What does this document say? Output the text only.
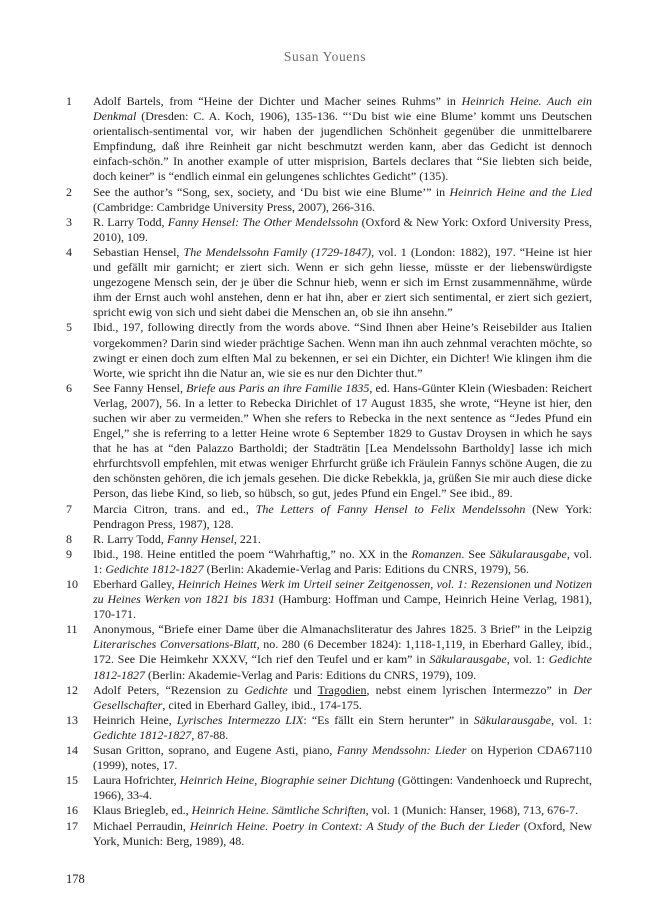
Susan Youens
1	Adolf Bartels, from “Heine der Dichter und Macher seines Ruhms” in Heinrich Heine. Auch ein Denkmal (Dresden: C. A. Koch, 1906), 135-136. “‘Du bist wie eine Blume’ kommt uns Deutschen orientalisch-sentimental vor, wir haben der jugendlichen Schönheit gegenüber die unmittelbarere Empfindung, daß ihre Reinheit gar nicht beschmutzt werden kann, aber das Gedicht ist dennoch einfach-schön.” In another example of utter misprision, Bartels declares that “Sie liebten sich beide, doch keiner” is “endlich einmal ein gelungenes schlichtes Gedicht” (135).
2	See the author’s “Song, sex, society, and ‘Du bist wie eine Blume’” in Heinrich Heine and the Lied (Cambridge: Cambridge University Press, 2007), 266-316.
3	R. Larry Todd, Fanny Hensel: The Other Mendelssohn (Oxford & New York: Oxford University Press, 2010), 109.
4	Sebastian Hensel, The Mendelssohn Family (1729-1847), vol. 1 (London: 1882), 197. “Heine ist hier und gefällt mir garnicht; er ziert sich. Wenn er sich gehn liesse, müsste er der liebenswürdigste ungezogene Mensch sein, der je über die Schnur hieb, wenn er sich im Ernst zusammennähme, würde ihm der Ernst auch wohl anstehen, denn er hat ihn, aber er ziert sich sentimental, er ziert sich geziert, spricht ewig von sich und sieht dabei die Menschen an, ob sie ihn ansehn.”
5	Ibid., 197, following directly from the words above. “Sind Ihnen aber Heine’s Reisebilder aus Italien vorgekommen? Darin sind wieder prächtige Sachen. Wenn man ihn auch zehnmal verachten möchte, so zwingt er einen doch zum elften Mal zu bekennen, er sei ein Dichter, ein Dichter! Wie klingen ihm die Worte, wie spricht ihn die Natur an, wie sie es nur den Dichter thut.”
6	See Fanny Hensel, Briefe aus Paris an ihre Familie 1835, ed. Hans-Günter Klein (Wiesbaden: Reichert Verlag, 2007), 56. In a letter to Rebecka Dirichlet of 17 August 1835, she wrote, “Heyne ist hier, den suchen wir aber zu vermeiden.” When she refers to Rebecka in the next sentence as “Jedes Pfund ein Engel,” she is referring to a letter Heine wrote 6 September 1829 to Gustav Droysen in which he says that he has at “den Palazzo Bartholdi; der Stadträtin [Lea Mendelssohn Bartholdy] lasse ich mich ehrfurchtsvoll empfehlen, mit etwas weniger Ehrfurcht grüße ich Fräulein Fannys schöne Augen, die zu den schönsten gehören, die ich jemals gesehen. Die dicke Rebekkla, ja, grüßen Sie mir auch diese dicke Person, das liebe Kind, so lieb, so hübsch, so gut, jedes Pfund ein Engel.” See ibid., 89.
7	Marcia Citron, trans. and ed., The Letters of Fanny Hensel to Felix Mendelssohn (New York: Pendragon Press, 1987), 128.
8	R. Larry Todd, Fanny Hensel, 221.
9	Ibid., 198. Heine entitled the poem “Wahrhaftig,” no. XX in the Romanzen. See Säkularausgabe, vol. 1: Gedichte 1812-1827 (Berlin: Akademie-Verlag and Paris: Editions du CNRS, 1979), 56.
10	Eberhard Galley, Heinrich Heines Werk im Urteil seiner Zeitgenossen, vol. 1: Rezensionen und Notizen zu Heines Werken von 1821 bis 1831 (Hamburg: Hoffman und Campe, Heinrich Heine Verlag, 1981), 170-171.
11	Anonymous, “Briefe einer Dame über die Almanachsliteratur des Jahres 1825. 3 Brief” in the Leipzig Literarisches Conversations-Blatt, no. 280 (6 December 1824): 1,118-1,119, in Eberhard Galley, ibid., 172. See Die Heimkehr XXXV, “Ich rief den Teufel und er kam” in Säkularausgabe, vol. 1: Gedichte 1812-1827 (Berlin: Akademie-Verlag and Paris: Editions du CNRS, 1979), 109.
12	Adolf Peters, “Rezension zu Gedichte und Tragodien, nebst einem lyrischen Intermezzo” in Der Gesellschafter, cited in Eberhard Galley, ibid., 174-175.
13	Heinrich Heine, Lyrisches Intermezzo LIX: “Es fällt ein Stern herunter” in Säkularausgabe, vol. 1: Gedichte 1812-1827, 87-88.
14	Susan Gritton, soprano, and Eugene Asti, piano, Fanny Mendssohn: Lieder on Hyperion CDA67110 (1999), notes, 17.
15	Laura Hofrichter, Heinrich Heine, Biographie seiner Dichtung (Göttingen: Vandenhoeck und Ruprecht, 1966), 33-4.
16	Klaus Briegleb, ed., Heinrich Heine. Sämtliche Schriften, vol. 1 (Munich: Hanser, 1968), 713, 676-7.
17	Michael Perraudin, Heinrich Heine. Poetry in Context: A Study of the Buch der Lieder (Oxford, New York, Munich: Berg, 1989), 48.
178
